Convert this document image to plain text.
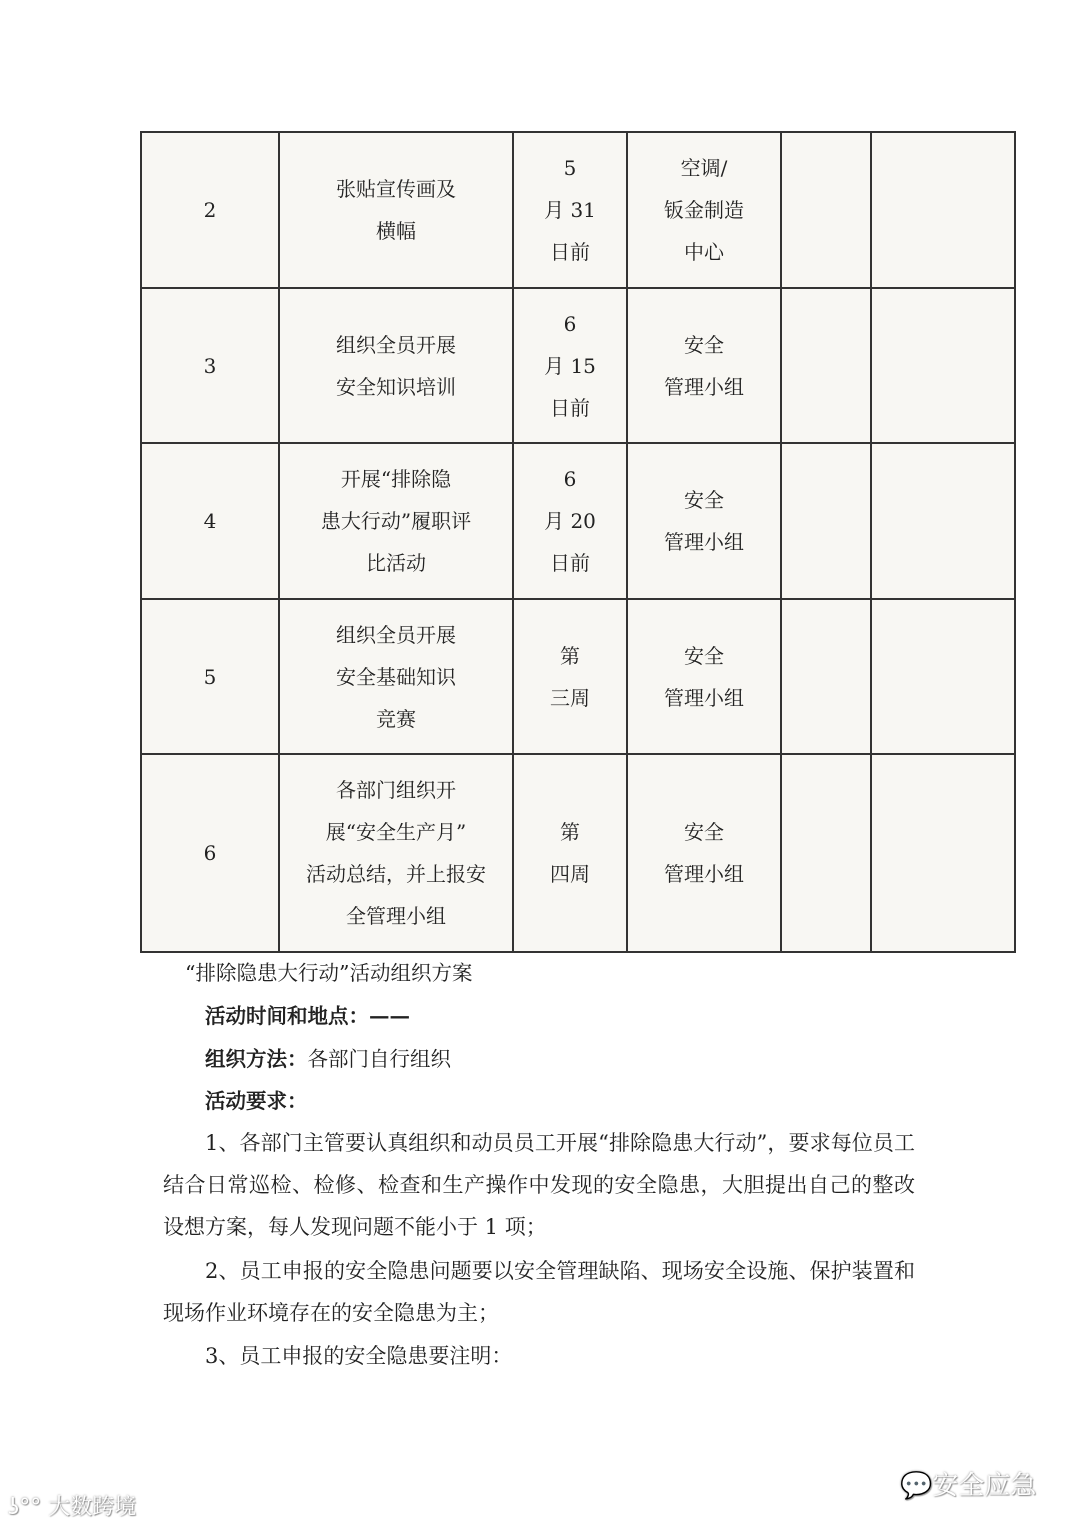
2
张贴宣传画及
横幅
5
月 31
日前
空调/
钣金制造
中心
3
组织全员开展
安全知识培训
6
月 15
日前
安全
管理小组
4
开展“排除隐
患大行动”履职评
比活动
6
月 20
日前
安全
管理小组
5
组织全员开展
安全基础知识
竞赛
第
三周
安全
管理小组
6
各部门组织开
展“安全生产月”
活动总结，并上报安
全管理小组
第
四周
安全
管理小组
“排除隐患大行动”活动组织方案
活动时间和地点：——
组织方法：各部门自行组织
活动要求：
1、各部门主管要认真组织和动员员工开展“排除隐患大行动”，要求每位员工结合日常巡检、检修、检查和生产操作中发现的安全隐患，大胆提出自己的整改设想方案，每人发现问题不能小于 1 项；
2、员工申报的安全隐患问题要以安全管理缺陷、现场安全设施、保护装置和现场作业环境存在的安全隐患为主；
3、员工申报的安全隐患要注明：
ʖ°° 大数跨境
💬安全应急
